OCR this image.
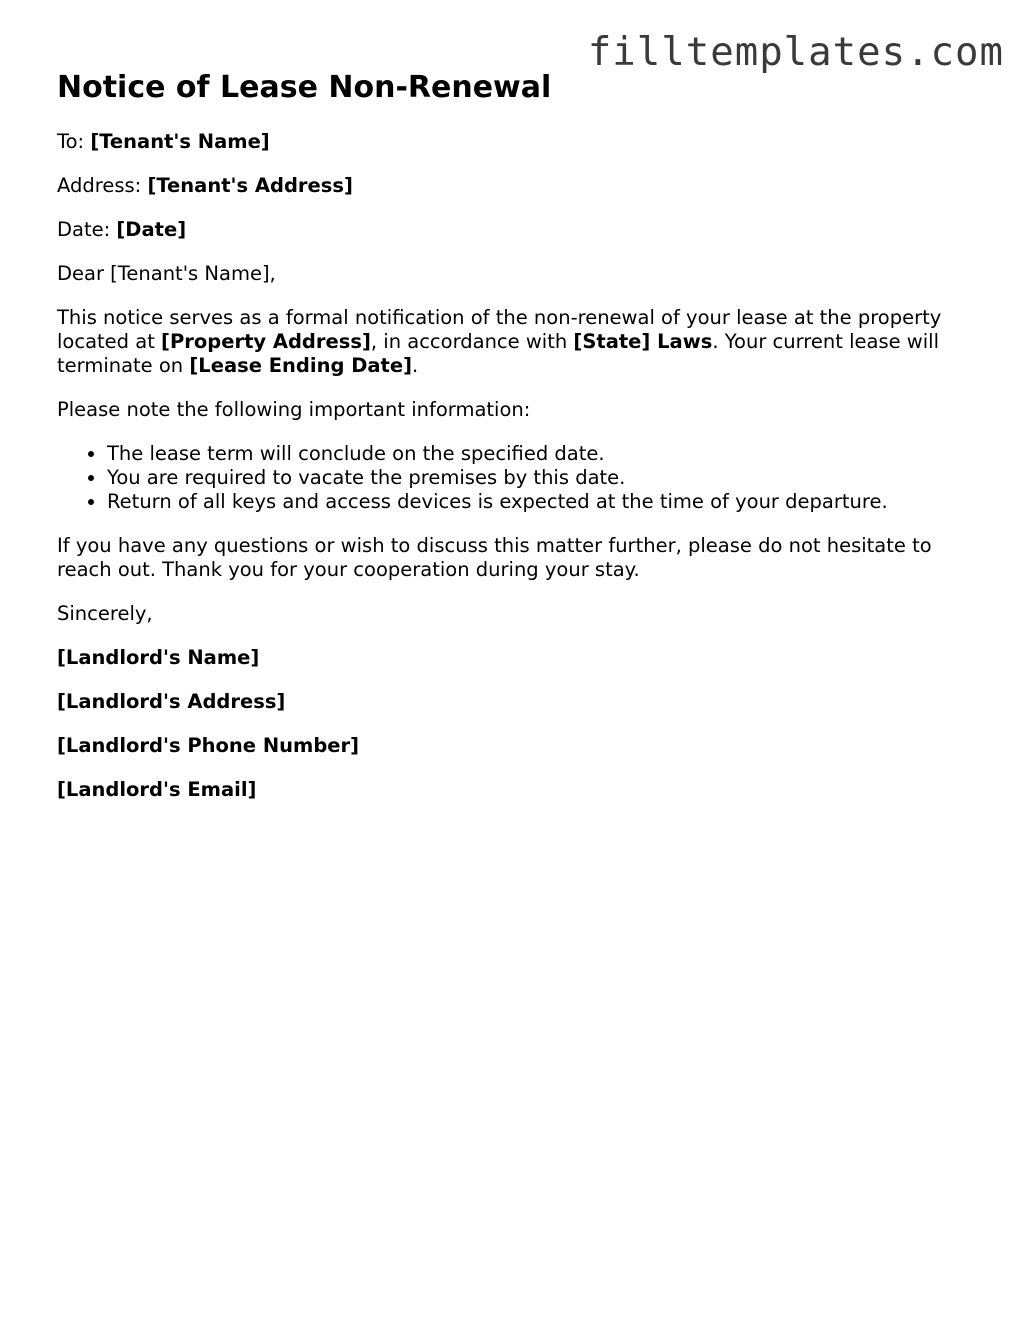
filltemplates.com
Notice of Lease Non-Renewal

To: [Tenant's Name]

Address: [Tenant's Address]

Date: [Date]

Dear [Tenant's Name],

This notice serves as a formal notification of the non-renewal of your lease at the property located at [Property Address], in accordance with [State] Laws. Your current lease will terminate on [Lease Ending Date].

Please note the following important information:

• The lease term will conclude on the specified date.
• You are required to vacate the premises by this date.
• Return of all keys and access devices is expected at the time of your departure.

If you have any questions or wish to discuss this matter further, please do not hesitate to reach out. Thank you for your cooperation during your stay.

Sincerely,

[Landlord's Name]

[Landlord's Address]

[Landlord's Phone Number]

[Landlord's Email]
